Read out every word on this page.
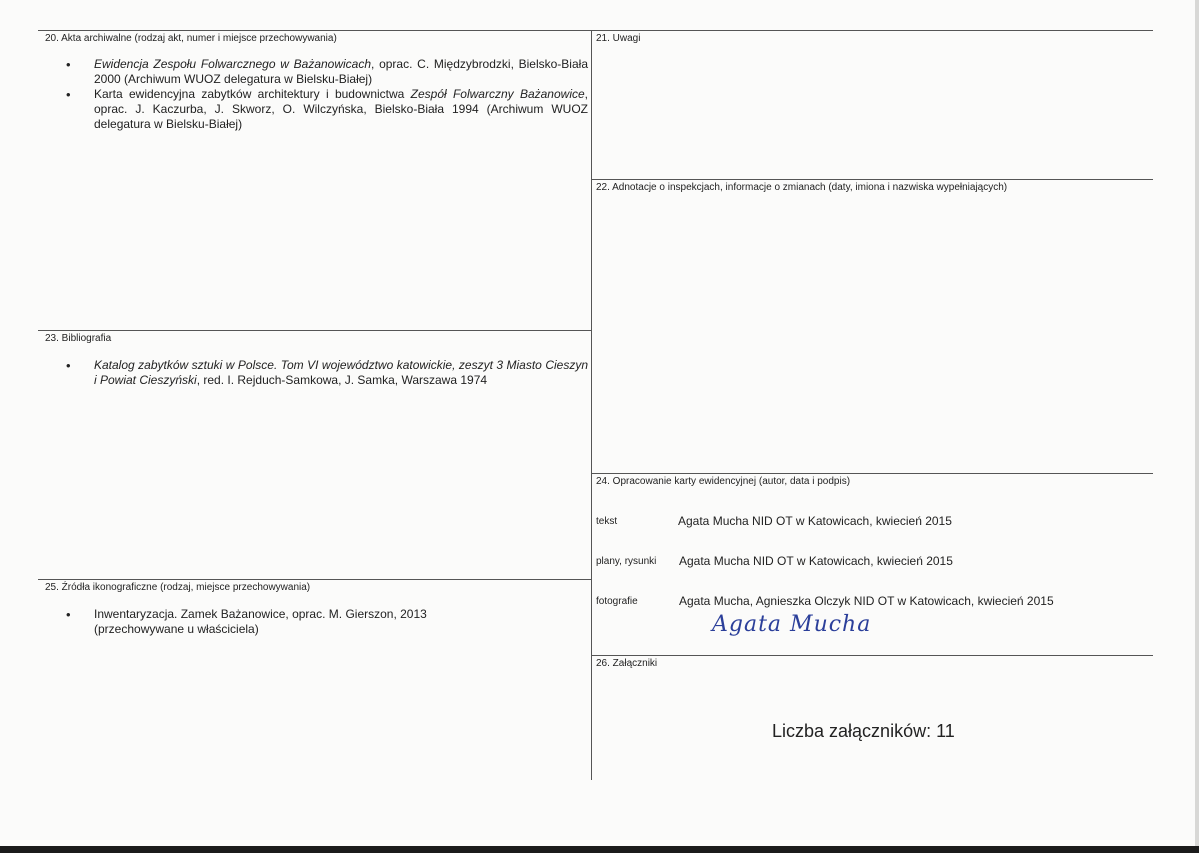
20. Akta archiwalne (rodzaj akt, numer i miejsce przechowywania)
• Ewidencja Zespołu Folwarcznego w Bażanowicach, oprac. C. Międzybrodzki, Bielsko-Biała 2000 (Archiwum WUOZ delegatura w Bielsku-Białej)
• Karta ewidencyjna zabytków architektury i budownictwa Zespół Folwarczny Bażanowice, oprac. J. Kaczurba, J. Skworz, O. Wilczyńska, Bielsko-Biała 1994 (Archiwum WUOZ delegatura w Bielsku-Białej)
21. Uwagi
22. Adnotacje o inspekcjach, informacje o zmianach (daty, imiona i nazwiska wypełniających)
23. Bibliografia
• Katalog zabytków sztuki w Polsce. Tom VI województwo katowickie, zeszyt 3 Miasto Cieszyn i Powiat Cieszyński, red. I. Rejduch-Samkowa, J. Samka, Warszawa 1974
24. Opracowanie karty ewidencyjnej (autor, data i podpis)
tekst	Agata Mucha NID OT w Katowicach, kwiecień 2015
plany, rysunki Agata Mucha NID OT w Katowicach, kwiecień 2015
fotografie	Agata Mucha, Agnieszka Olczyk NID OT w Katowicach, kwiecień 2015
Agata Mucha
25. Źródła ikonograficzne (rodzaj, miejsce przechowywania)
• Inwentaryzacja. Zamek Bażanowice, oprac. M. Gierszon, 2013 (przechowywane u właściciela)
26. Załączniki
Liczba załączników: 11
